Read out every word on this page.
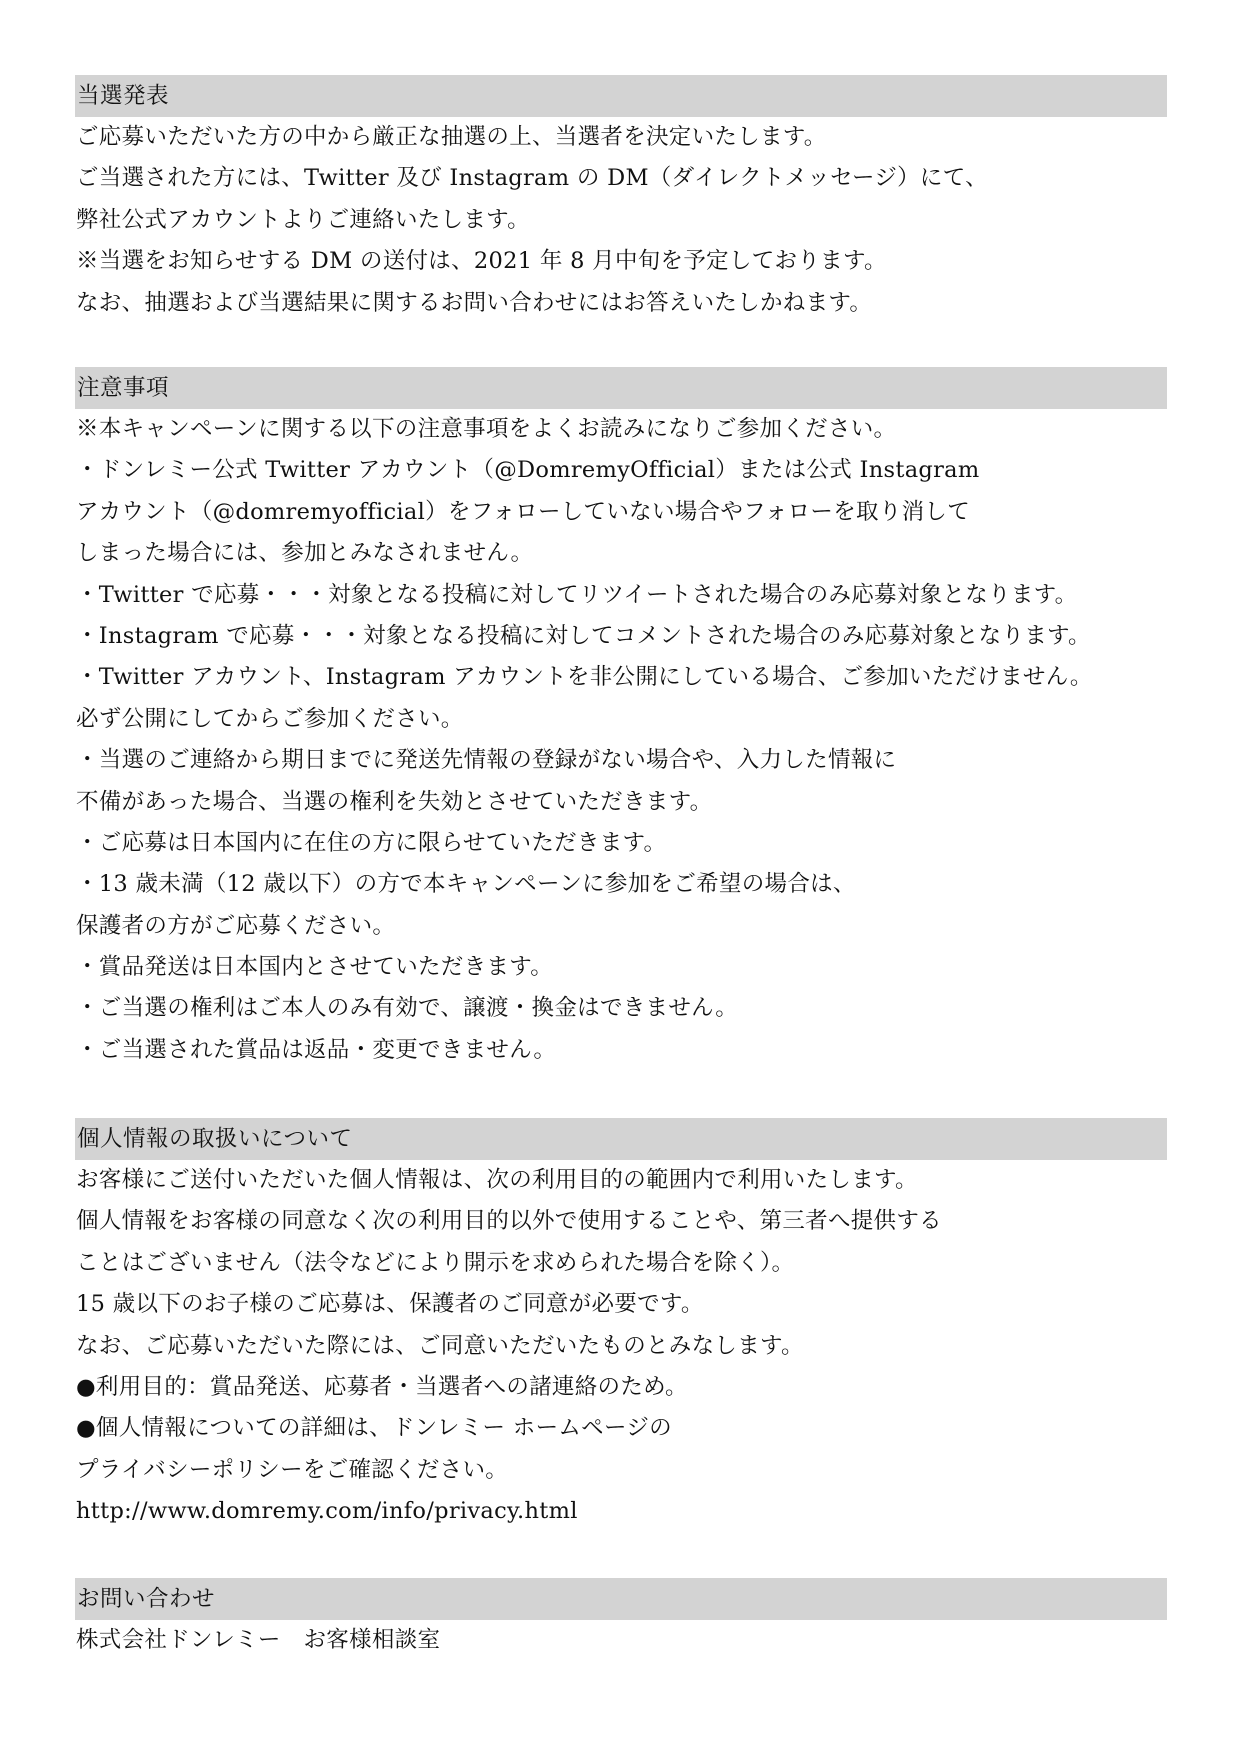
当選発表
ご応募いただいた方の中から厳正な抽選の上、当選者を決定いたします。
ご当選された方には、Twitter 及び Instagram の DM（ダイレクトメッセージ）にて、
弊社公式アカウントよりご連絡いたします。
※当選をお知らせする DM の送付は、2021 年 8 月中旬を予定しております。
なお、抽選および当選結果に関するお問い合わせにはお答えいたしかねます。
注意事項
※本キャンペーンに関する以下の注意事項をよくお読みになりご参加ください。
・ドンレミー公式 Twitter アカウント（@DomremyOfficial）または公式 Instagram
アカウント（@domremyofficial）をフォローしていない場合やフォローを取り消して
しまった場合には、参加とみなされません。
・Twitter で応募・・・対象となる投稿に対してリツイートされた場合のみ応募対象となります。
・Instagram で応募・・・対象となる投稿に対してコメントされた場合のみ応募対象となります。
・Twitter アカウント、Instagram アカウントを非公開にしている場合、ご参加いただけません。
必ず公開にしてからご参加ください。
・当選のご連絡から期日までに発送先情報の登録がない場合や、入力した情報に
不備があった場合、当選の権利を失効とさせていただきます。
・ご応募は日本国内に在住の方に限らせていただきます。
・13 歳未満（12 歳以下）の方で本キャンペーンに参加をご希望の場合は、
保護者の方がご応募ください。
・賞品発送は日本国内とさせていただきます。
・ご当選の権利はご本人のみ有効で、譲渡・換金はできません。
・ご当選された賞品は返品・変更できません。
個人情報の取扱いについて
お客様にご送付いただいた個人情報は、次の利用目的の範囲内で利用いたします。
個人情報をお客様の同意なく次の利用目的以外で使用することや、第三者へ提供する
ことはございません（法令などにより開示を求められた場合を除く）。
15 歳以下のお子様のご応募は、保護者のご同意が必要です。
なお、ご応募いただいた際には、ご同意いただいたものとみなします。
●利用目的：賞品発送、応募者・当選者への諸連絡のため。
●個人情報についての詳細は、ドンレミー ホームページの
プライバシーポリシーをご確認ください。
http://www.domremy.com/info/privacy.html
お問い合わせ
株式会社ドンレミー　お客様相談室
